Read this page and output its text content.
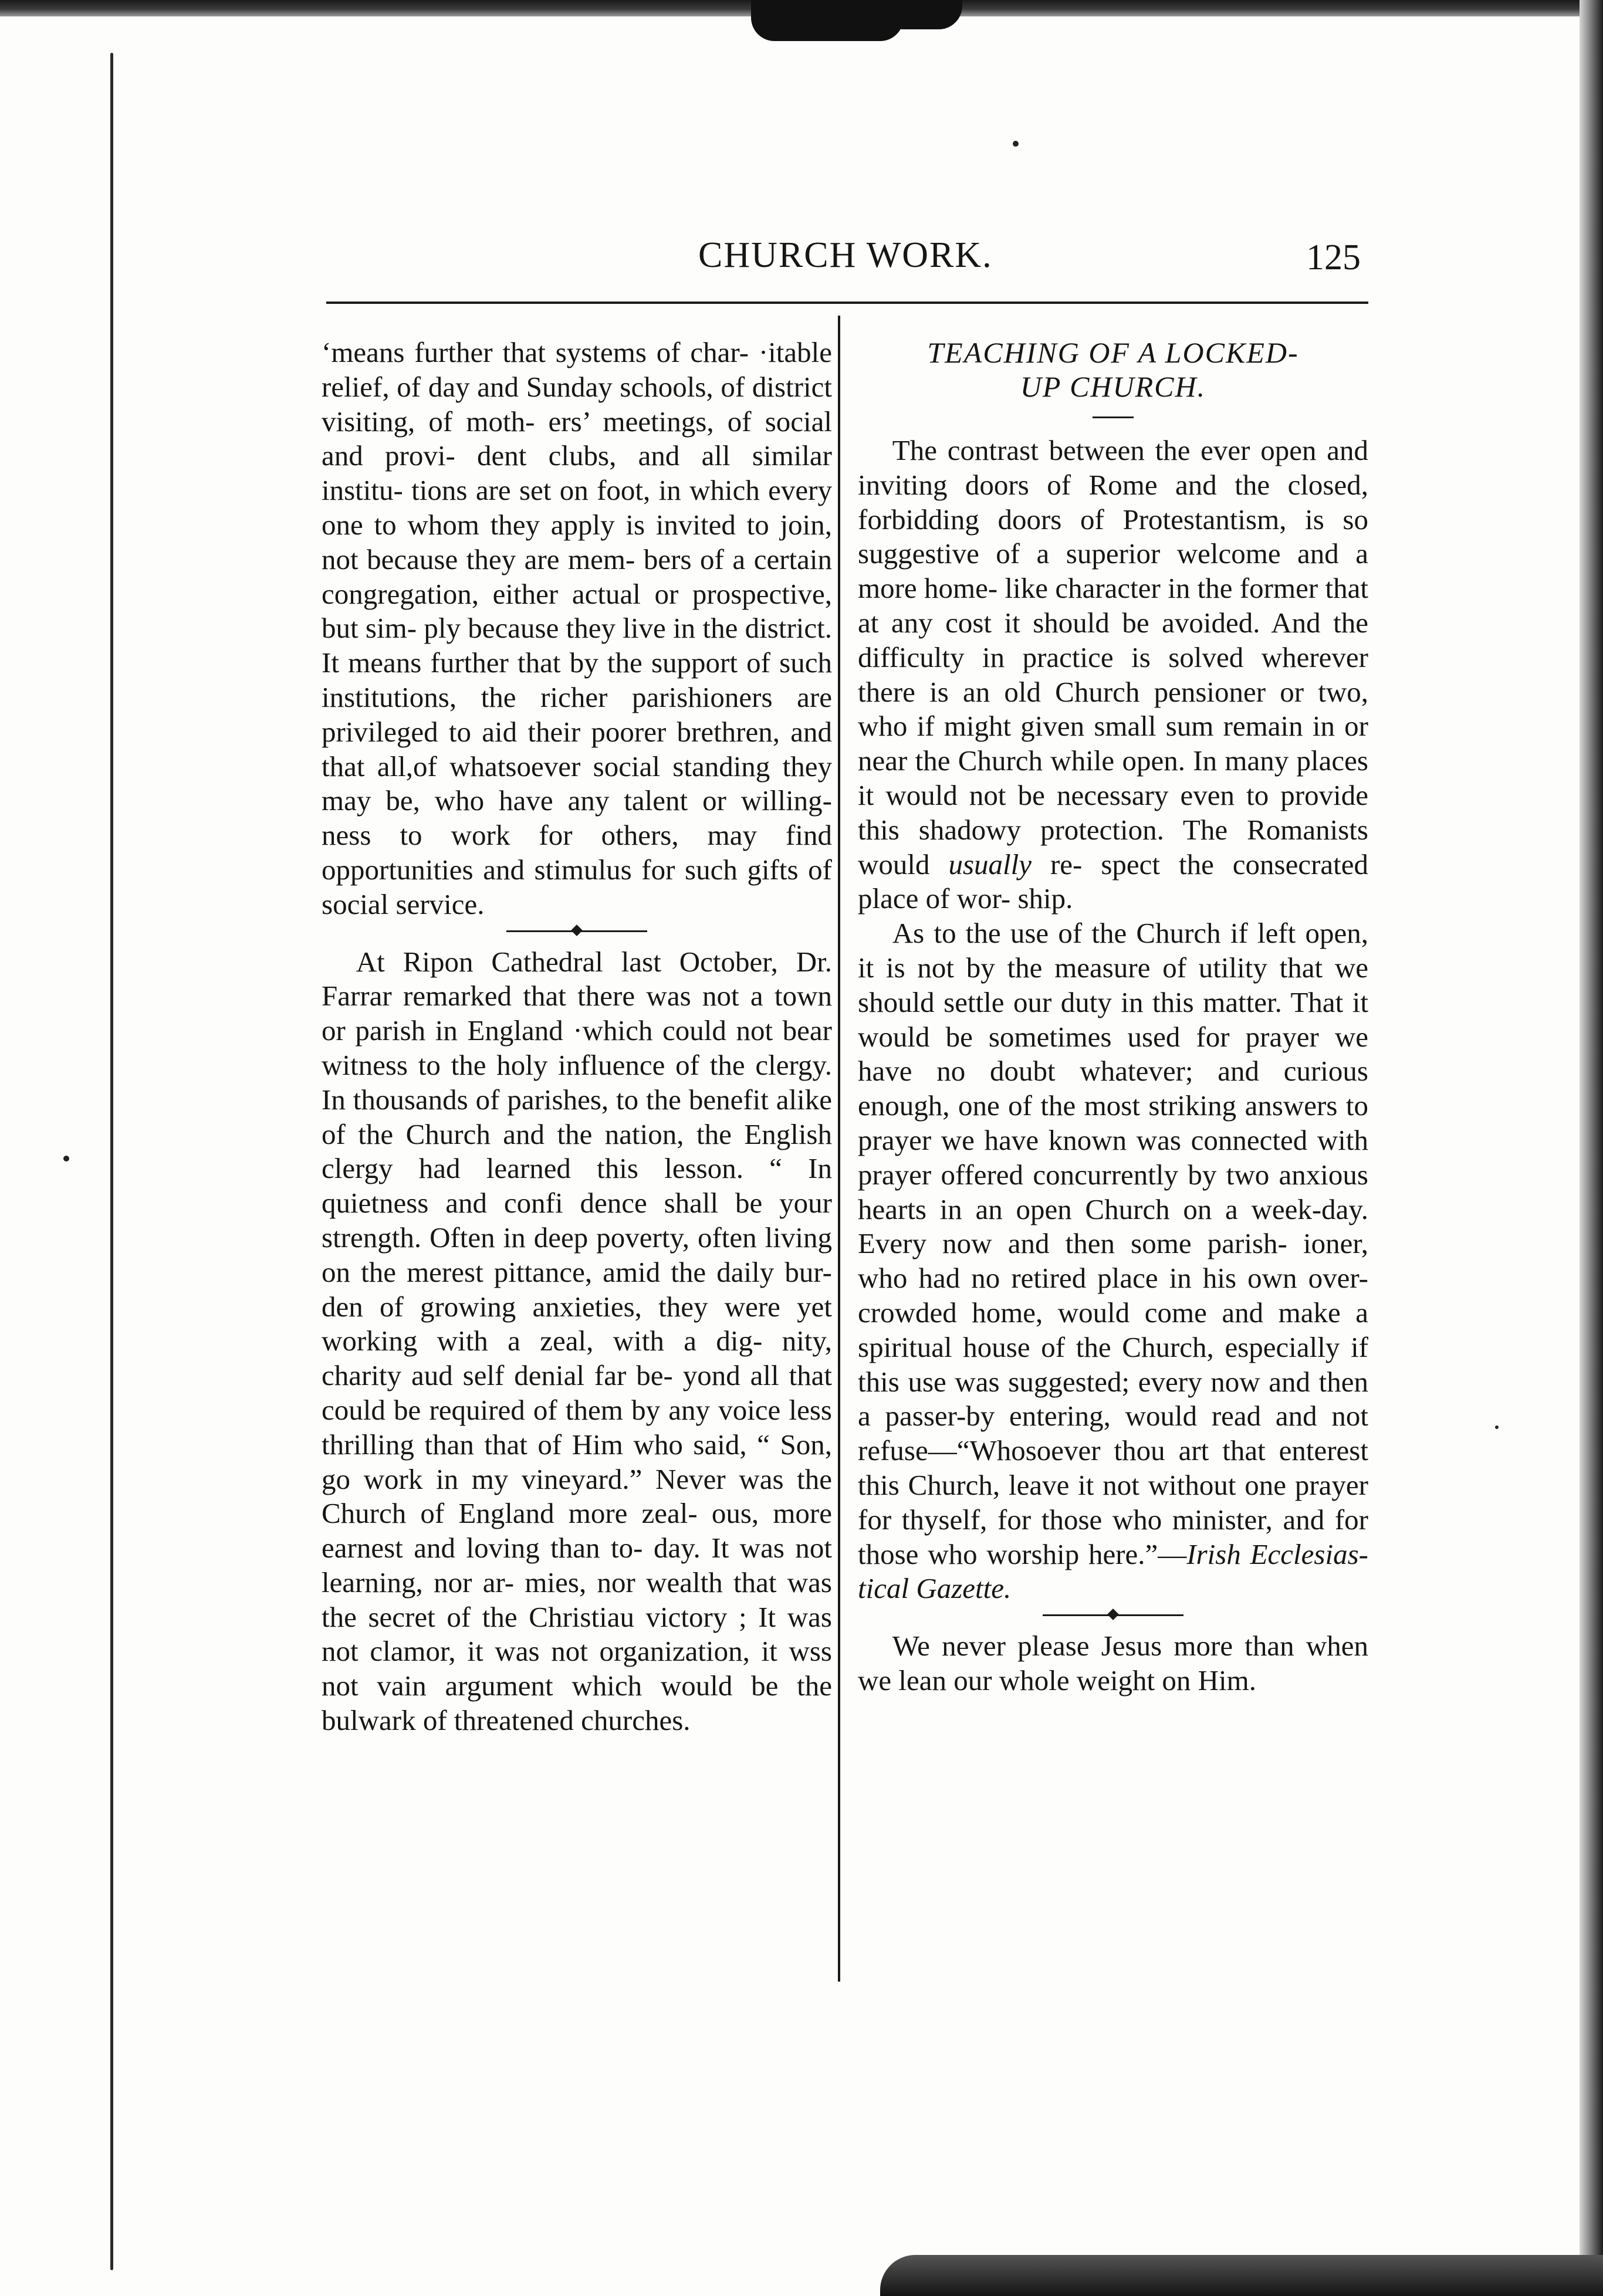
CHURCH WORK.	125

‘means further that systems of char- ·itable relief, of day and Sunday schools, of district visiting, of moth- ers’ meetings, of social and provi- dent clubs, and all similar institu- tions are set on foot, in which every one to whom they apply is invited to join, not because they are mem- bers of a certain congregation, either actual or prospective, but sim- ply because they live in the district. It means further that by the support of such institutions, the richer parishioners are privileged to aid their poorer brethren, and that all,of whatsoever social standing they may be, who have any talent or willing- ness to work for others, may find opportunities and stimulus for such gifts of social service.

At Ripon Cathedral last October, Dr. Farrar remarked that there was not a town or parish in England ·which could not bear witness to the holy influence of the clergy. In thousands of parishes, to the benefit alike of the Church and the nation, the English clergy had learned this lesson. “ In quietness and confi dence shall be your strength. Often in deep poverty, often living on the merest pittance, amid the daily bur- den of growing anxieties, they were yet working with a zeal, with a dig- nity, charity aud self denial far be- yond all that could be required of them by any voice less thrilling than that of Him who said, “ Son, go work in my vineyard.” Never was the Church of England more zeal- ous, more earnest and loving than to- day. It was not learning, nor ar- mies, nor wealth that was the secret of the Christiau victory ; It was not clamor, it was not organization, it wss not vain argument which would be the bulwark of threatened churches.

TEACHING OF A LOCKED-
UP CHURCH.

The contrast between the ever open and inviting doors of Rome and the closed, forbidding doors of Protestantism, is so suggestive of a superior welcome and a more home- like character in the former that at any cost it should be avoided. And the difficulty in practice is solved wherever there is an old Church pensioner or two, who if might given small sum remain in or near the Church while open. In many places it would not be necessary even to provide this shadowy protection. The Romanists would usually re- spect the consecrated place of wor- ship.

As to the use of the Church if left open, it is not by the measure of utility that we should settle our duty in this matter. That it would be sometimes used for prayer we have no doubt whatever; and curious enough, one of the most striking answers to prayer we have known was connected with prayer offered concurrently by two anxious hearts in an open Church on a week-day. Every now and then some parish- ioner, who had no retired place in his own over-crowded home, would come and make a spiritual house of the Church, especially if this use was suggested; every now and then a passer-by entering, would read and not refuse—“Whosoever thou art that enterest this Church, leave it not without one prayer for thyself, for those who minister, and for those who worship here.”—Irish Ecclesias- tical Gazette.

We never please Jesus more than when we lean our whole weight on Him.
